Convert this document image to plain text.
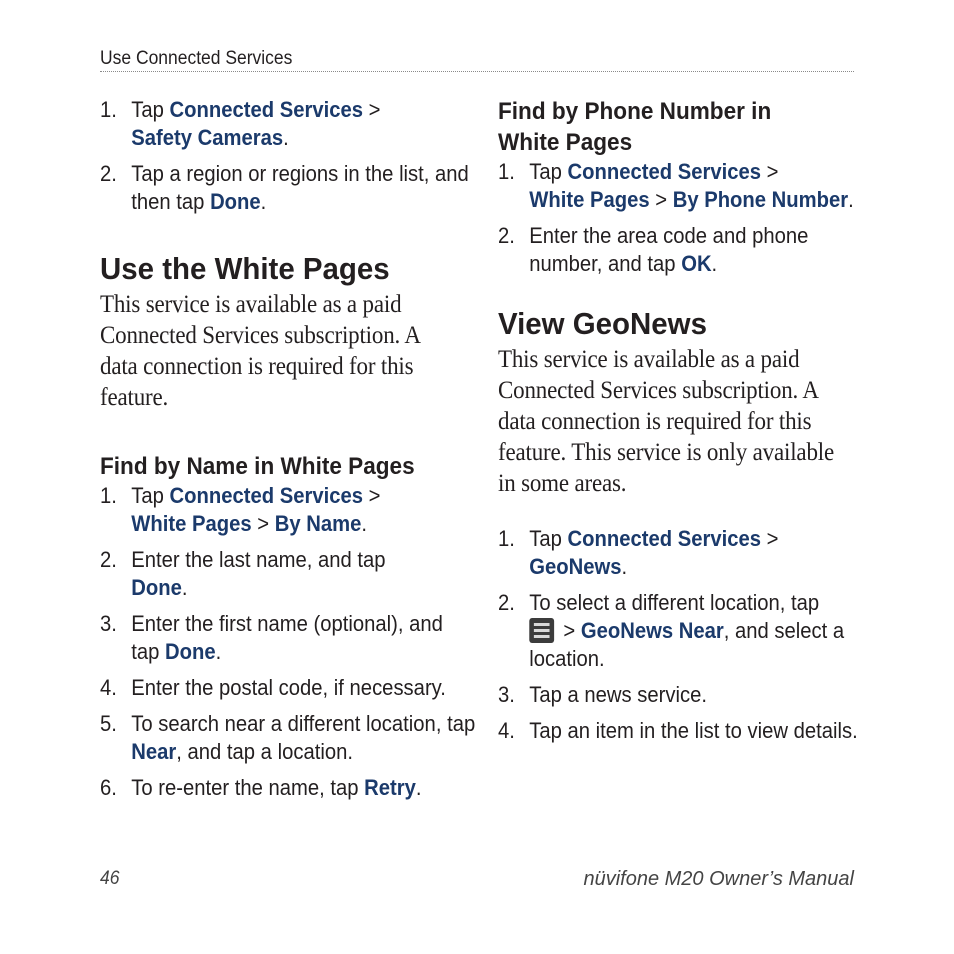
Use Connected Services
1. Tap Connected Services >
Safety Cameras.
2. Tap a region or regions in the list, and then tap Done.
Use the White Pages

This service is available as a paid Connected Services subscription. A data connection is required for this feature.

Find by Name in White Pages
1. Tap Connected Services >
White Pages > By Name.
2. Enter the last name, and tap
Done.
3. Enter the first name (optional), and tap Done.
4. Enter the postal code, if necessary.
5. To search near a different location, tap Near, and tap a location.
6. To re-enter the name, tap Retry.
Find by Phone Number in White Pages
1. Tap Connected Services >
White Pages > By Phone Number.
2. Enter the area code and phone number, and tap OK.
View GeoNews

This service is available as a paid Connected Services subscription. A data connection is required for this feature. This service is only available in some areas.

1. Tap Connected Services >
GeoNews.
2. To select a different location, tap

> GeoNews Near, and select a location.
3. Tap a news service.
4. Tap an item in the list to view details.
46	nüvifone M20 Owner’s Manual
